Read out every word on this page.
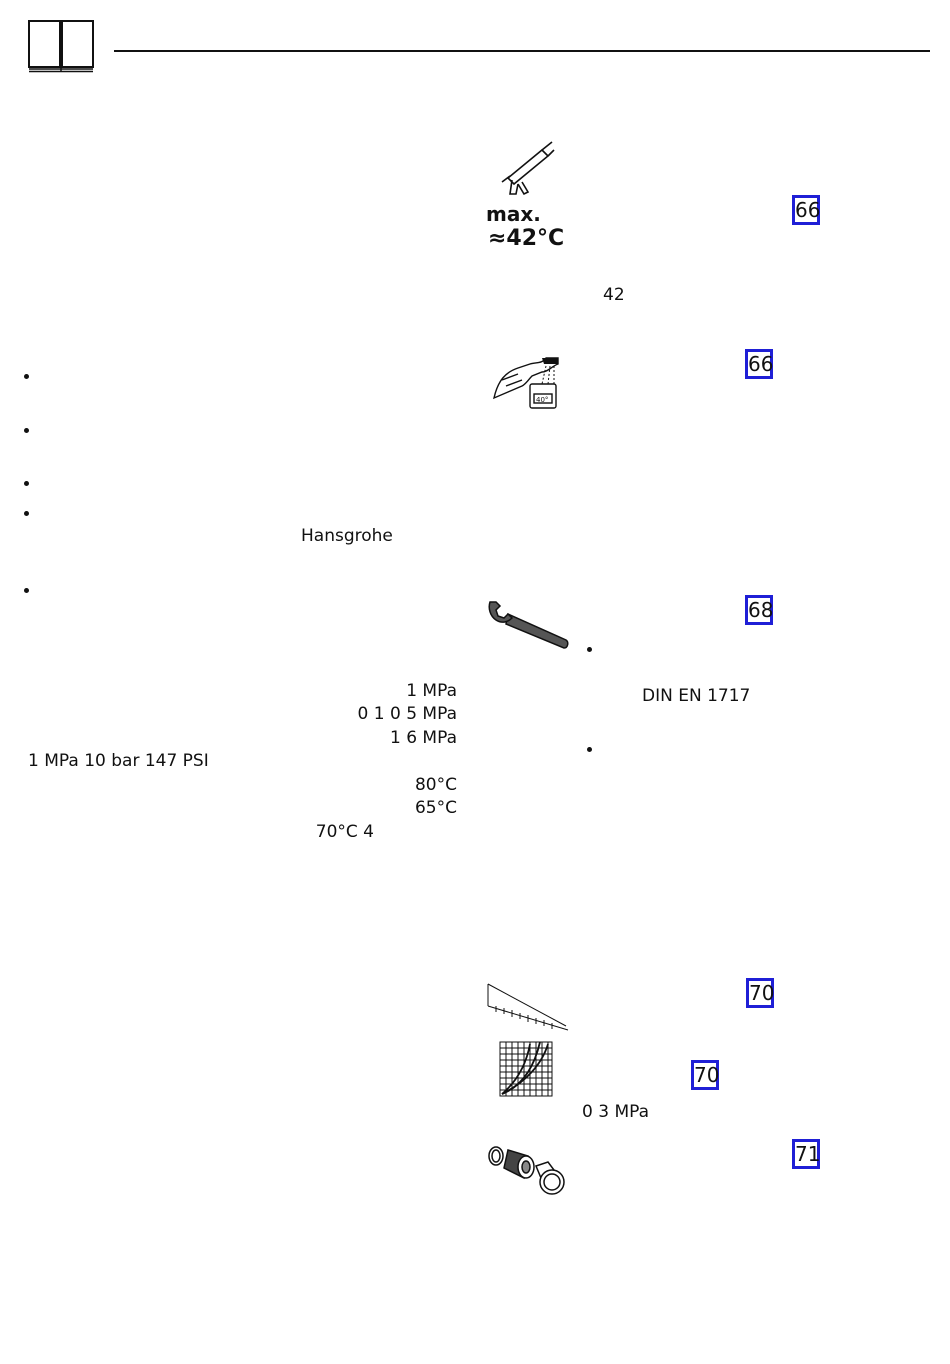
Hansgrohe
1 MPa
0 1 0 5 MPa
1 6 MPa
1 MPa 10 bar 147 PSI
80°C
65°C
70°C 4
max.
≈42°C
66
42
40°
66
68
DIN EN 1717
70
70
0 3 MPa
71
